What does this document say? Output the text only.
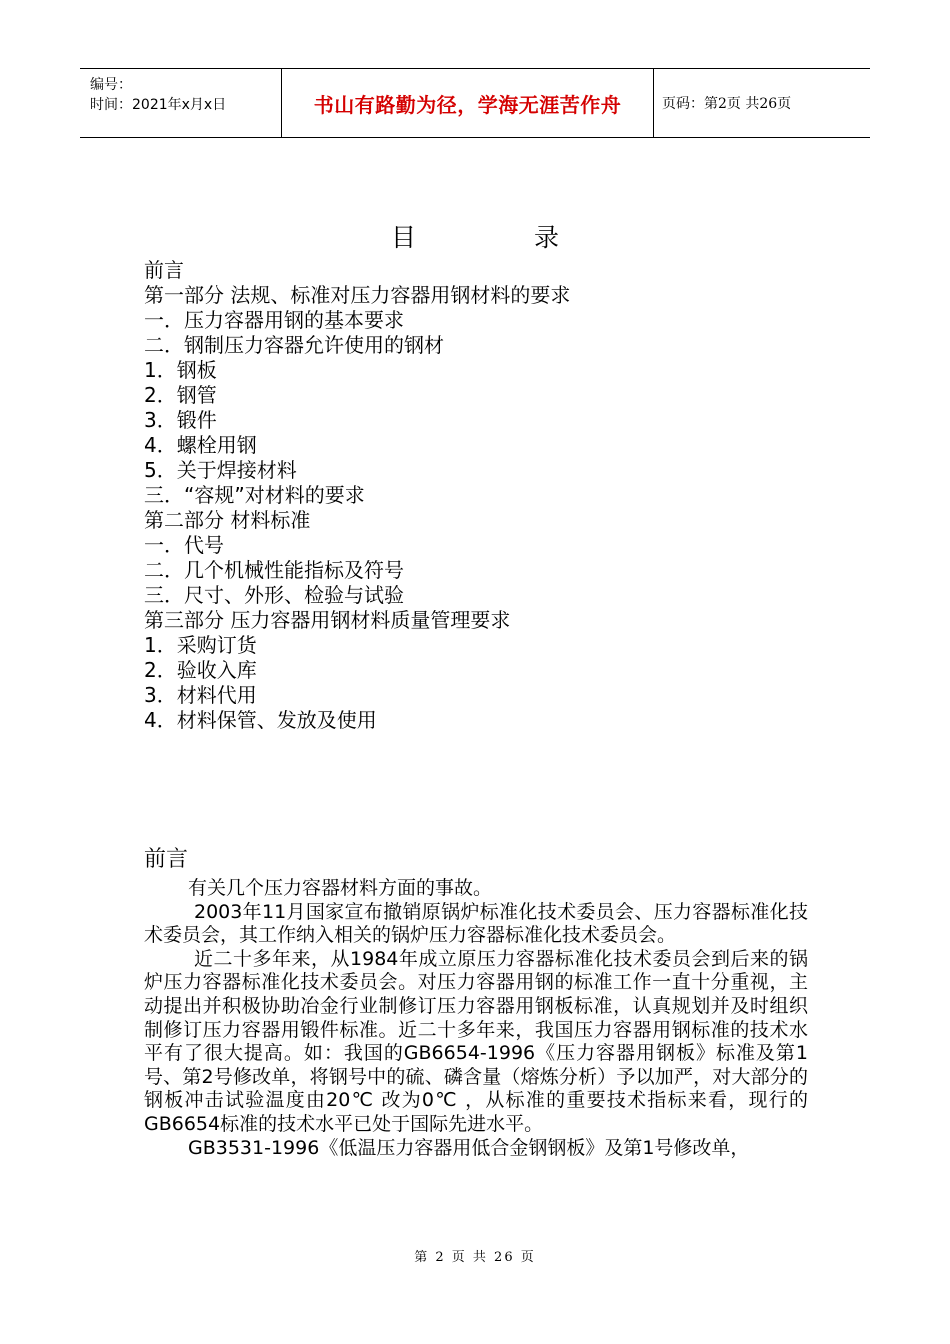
编号：
时间：2021年x月x日	书山有路勤为径，学海无涯苦作舟	页码：第2页 共26页
目	录
前言
第一部分 法规、标准对压力容器用钢材料的要求
一．压力容器用钢的基本要求
二．钢制压力容器允许使用的钢材
1．钢板
2．钢管
3．锻件
4．螺栓用钢
5．关于焊接材料
三．“容规”对材料的要求
第二部分 材料标准
一．代号
二．几个机械性能指标及符号
三．尺寸、外形、检验与试验
第三部分 压力容器用钢材料质量管理要求
1．采购订货
2．验收入库
3．材料代用
4．材料保管、发放及使用
前言

有关几个压力容器材料方面的事故。

2003年11月国家宣布撤销原锅炉标准化技术委员会、压力容器标准化技术委员会，其工作纳入相关的锅炉压力容器标准化技术委员会。

近二十多年来，从1984年成立原压力容器标准化技术委员会到后来的锅炉压力容器标准化技术委员会。对压力容器用钢的标准工作一直十分重视，主动提出并积极协助冶金行业制修订压力容器用钢板标准，认真规划并及时组织制修订压力容器用锻件标准。近二十多年来，我国压力容器用钢标准的技术水平有了很大提高。如：我国的GB6654-1996《压力容器用钢板》标准及第1号、第2号修改单，将钢号中的硫、磷含量（熔炼分析）予以加严，对大部分的钢板冲击试验温度由20℃ 改为0℃ ，从标准的重要技术指标来看，现行的GB6654标准的技术水平已处于国际先进水平。

GB3531-1996《低温压力容器用低合金钢钢板》及第1号修改单，

第 2 页 共 26 页
